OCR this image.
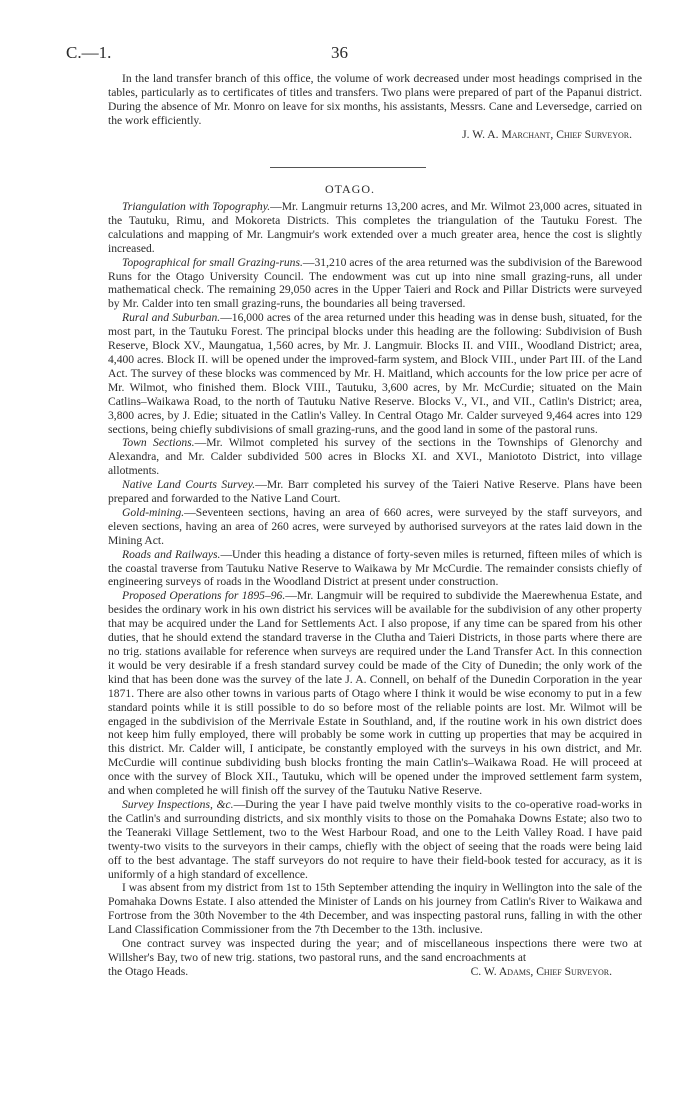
C.—1.	36

In the land transfer branch of this office, the volume of work decreased under most headings comprised in the tables, particularly as to certificates of titles and transfers. Two plans were prepared of part of the Papanui district. During the absence of Mr. Monro on leave for six months, his assistants, Messrs. Cane and Leversedge, carried on the work efficiently.

J. W. A. Marchant, Chief Surveyor.
OTAGO.

Triangulation with Topography.—Mr. Langmuir returns 13,200 acres, and Mr. Wilmot 23,000 acres, situated in the Tautuku, Rimu, and Mokoreta Districts. This completes the triangulation of the Tautuku Forest. The calculations and mapping of Mr. Langmuir's work extended over a much greater area, hence the cost is slightly increased.

Topographical for small Grazing-runs.—31,210 acres of the area returned was the subdivision of the Barewood Runs for the Otago University Council. The endowment was cut up into nine small grazing-runs, all under mathematical check. The remaining 29,050 acres in the Upper Taieri and Rock and Pillar Districts were surveyed by Mr. Calder into ten small grazing-runs, the boundaries all being traversed.

Rural and Suburban.—16,000 acres of the area returned under this heading was in dense bush, situated, for the most part, in the Tautuku Forest. The principal blocks under this heading are the following: Subdivision of Bush Reserve, Block XV., Maungatua, 1,560 acres, by Mr. J. Langmuir. Blocks II. and VIII., Woodland District; area, 4,400 acres. Block II. will be opened under the improved-farm system, and Block VIII., under Part III. of the Land Act. The survey of these blocks was commenced by Mr. H. Maitland, which accounts for the low price per acre of Mr. Wilmot, who finished them. Block VIII., Tautuku, 3,600 acres, by Mr. McCurdie; situated on the Main Catlins–Waikawa Road, to the north of Tautuku Native Reserve. Blocks V., VI., and VII., Catlin's District; area, 3,800 acres, by J. Edie; situated in the Catlin's Valley. In Central Otago Mr. Calder surveyed 9,464 acres into 129 sections, being chiefly subdivisions of small grazing-runs, and the good land in some of the pastoral runs.

Town Sections.—Mr. Wilmot completed his survey of the sections in the Townships of Glenorchy and Alexandra, and Mr. Calder subdivided 500 acres in Blocks XI. and XVI., Maniototo District, into village allotments.

Native Land Courts Survey.—Mr. Barr completed his survey of the Taieri Native Reserve. Plans have been prepared and forwarded to the Native Land Court.

Gold-mining.—Seventeen sections, having an area of 660 acres, were surveyed by the staff surveyors, and eleven sections, having an area of 260 acres, were surveyed by authorised surveyors at the rates laid down in the Mining Act.

Roads and Railways.—Under this heading a distance of forty-seven miles is returned, fifteen miles of which is the coastal traverse from Tautuku Native Reserve to Waikawa by Mr McCurdie. The remainder consists chiefly of engineering surveys of roads in the Woodland District at present under construction.

Proposed Operations for 1895–96.—Mr. Langmuir will be required to subdivide the Maerewhenua Estate, and besides the ordinary work in his own district his services will be available for the subdivision of any other property that may be acquired under the Land for Settlements Act. I also propose, if any time can be spared from his other duties, that he should extend the standard traverse in the Clutha and Taieri Districts, in those parts where there are no trig. stations available for reference when surveys are required under the Land Transfer Act. In this connection it would be very desirable if a fresh standard survey could be made of the City of Dunedin; the only work of the kind that has been done was the survey of the late J. A. Connell, on behalf of the Dunedin Corporation in the year 1871. There are also other towns in various parts of Otago where I think it would be wise economy to put in a few standard points while it is still possible to do so before most of the reliable points are lost. Mr. Wilmot will be engaged in the subdivision of the Merrivale Estate in Southland, and, if the routine work in his own district does not keep him fully employed, there will probably be some work in cutting up properties that may be acquired in this district. Mr. Calder will, I anticipate, be constantly employed with the surveys in his own district, and Mr. McCurdie will continue subdividing bush blocks fronting the main Catlin's–Waikawa Road. He will proceed at once with the survey of Block XII., Tautuku, which will be opened under the improved settlement farm system, and when completed he will finish off the survey of the Tautuku Native Reserve.

Survey Inspections, &c.—During the year I have paid twelve monthly visits to the co-operative road-works in the Catlin's and surrounding districts, and six monthly visits to those on the Pomahaka Downs Estate; also two to the Teaneraki Village Settlement, two to the West Harbour Road, and one to the Leith Valley Road. I have paid twenty-two visits to the surveyors in their camps, chiefly with the object of seeing that the roads were being laid off to the best advantage. The staff surveyors do not require to have their field-book tested for accuracy, as it is uniformly of a high standard of excellence.

I was absent from my district from 1st to 15th September attending the inquiry in Wellington into the sale of the Pomahaka Downs Estate. I also attended the Minister of Lands on his journey from Catlin's River to Waikawa and Fortrose from the 30th November to the 4th December, and was inspecting pastoral runs, falling in with the other Land Classification Commissioner from the 7th December to the 13th. inclusive.

One contract survey was inspected during the year; and of miscellaneous inspections there were two at Willsher's Bay, two of new trig. stations, two pastoral runs, and the sand encroachments at

the Otago Heads.	C. W. Adams, Chief Surveyor.
